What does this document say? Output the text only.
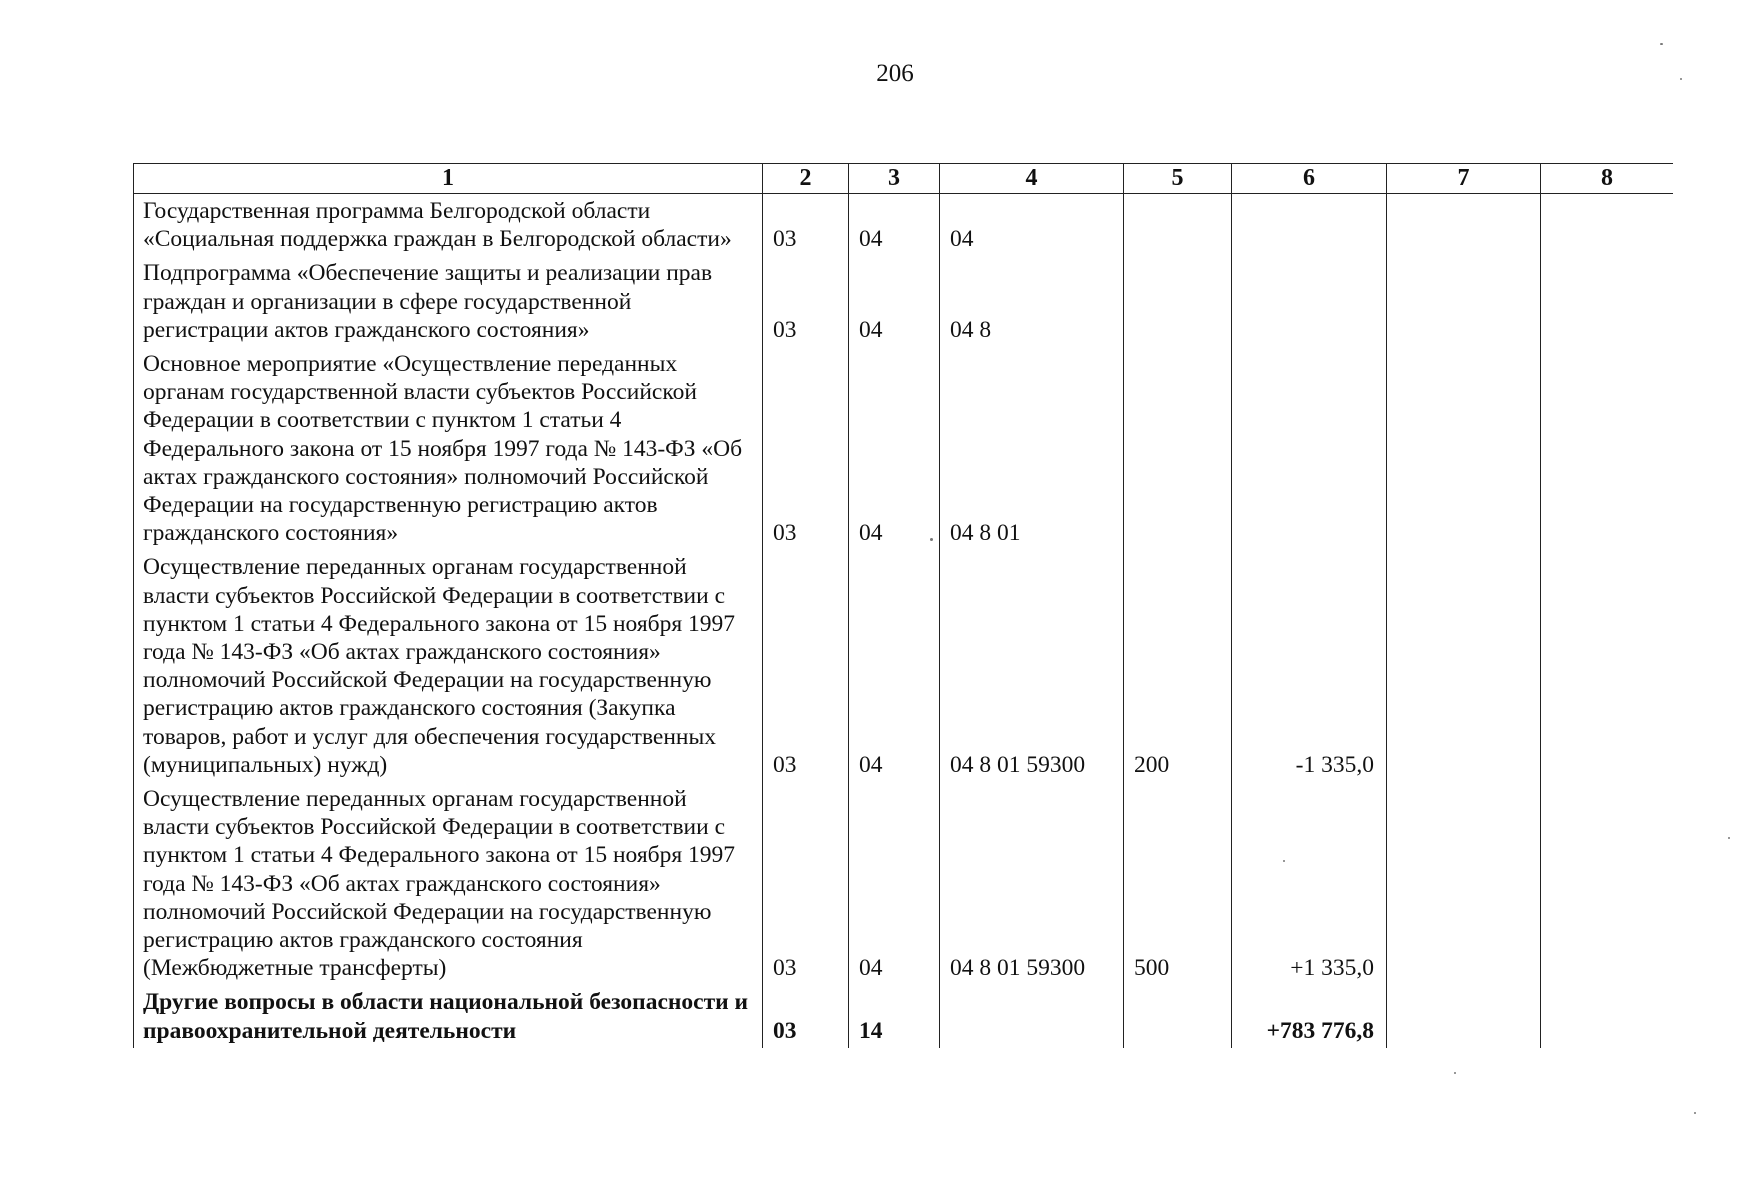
206
1	2	3	4	5	6	7	8
Государственная программа Белгородской области «Социальная поддержка граждан в Белгородской области»	03	04	04				
Подпрограмма «Обеспечение защиты и реализации прав граждан и организации в сфере государственной регистрации актов гражданского состояния»	03	04	04 8				
Основное мероприятие «Осуществление переданных органам государственной власти субъектов Российской Федерации в соответствии с пунктом 1 статьи 4 Федерального закона от 15 ноября 1997 года № 143-ФЗ «Об актах гражданского состояния» полномочий Российской Федерации на государственную регистрацию актов гражданского состояния»	03	04	04 8 01				
Осуществление переданных органам государственной власти субъектов Российской Федерации в соответствии с пунктом 1 статьи 4 Федерального закона от 15 ноября 1997 года № 143-ФЗ «Об актах гражданского состояния» полномочий Российской Федерации на государственную регистрацию актов гражданского состояния (Закупка товаров, работ и услуг для обеспечения государственных (муниципальных) нужд)	03	04	04 8 01 59300	200	-1 335,0		
Осуществление переданных органам государственной власти субъектов Российской Федерации в соответствии с пунктом 1 статьи 4 Федерального закона от 15 ноября 1997 года № 143-ФЗ «Об актах гражданского состояния» полномочий Российской Федерации на государственную регистрацию актов гражданского состояния (Межбюджетные трансферты)	03	04	04 8 01 59300	500	+1 335,0		
Другие вопросы в области национальной безопасности и правоохранительной деятельности	03	14			+783 776,8		
